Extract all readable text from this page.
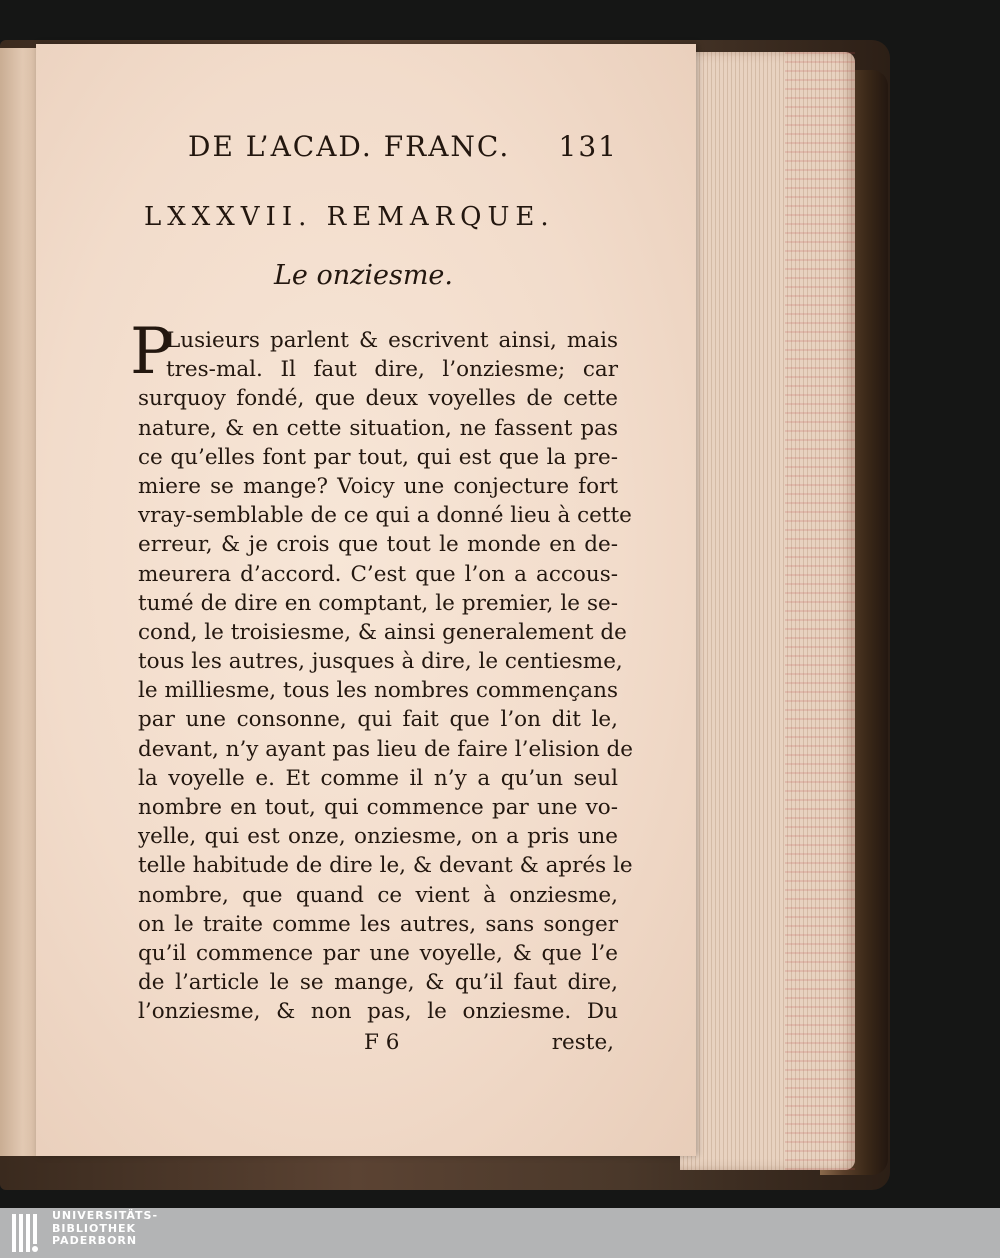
DE L’ACAD. FRANC. 131
LXXXVII. REMARQUE.
Le onziesme.
P
Lusieurs parlent & escrivent ainsi, mais
tres-mal. Il faut dire, l’onziesme; car
surquoy fondé, que deux voyelles de cette
nature, & en cette situation, ne fassent pas
ce qu’elles font par tout, qui est que la pre-
miere se mange? Voicy une conjecture fort
vray-semblable de ce qui a donné lieu à cette
erreur, & je crois que tout le monde en de-
meurera d’accord. C’est que l’on a accous-
tumé de dire en comptant, le premier, le se-
cond, le troisiesme, & ainsi generalement de
tous les autres, jusques à dire, le centiesme,
le milliesme, tous les nombres commençans
par une consonne, qui fait que l’on dit le,
devant, n’y ayant pas lieu de faire l’elision de
la voyelle e. Et comme il n’y a qu’un seul
nombre en tout, qui commence par une vo-
yelle, qui est onze, onziesme, on a pris une
telle habitude de dire le, & devant & aprés le
nombre, que quand ce vient à onziesme,
on le traite comme les autres, sans songer
qu’il commence par une voyelle, & que l’e
de l’article le se mange, & qu’il faut dire,
l’onziesme, & non pas, le onziesme. Du
F 6	reste,
UNIVERSITÄTS-
BIBLIOTHEK
PADERBORN
